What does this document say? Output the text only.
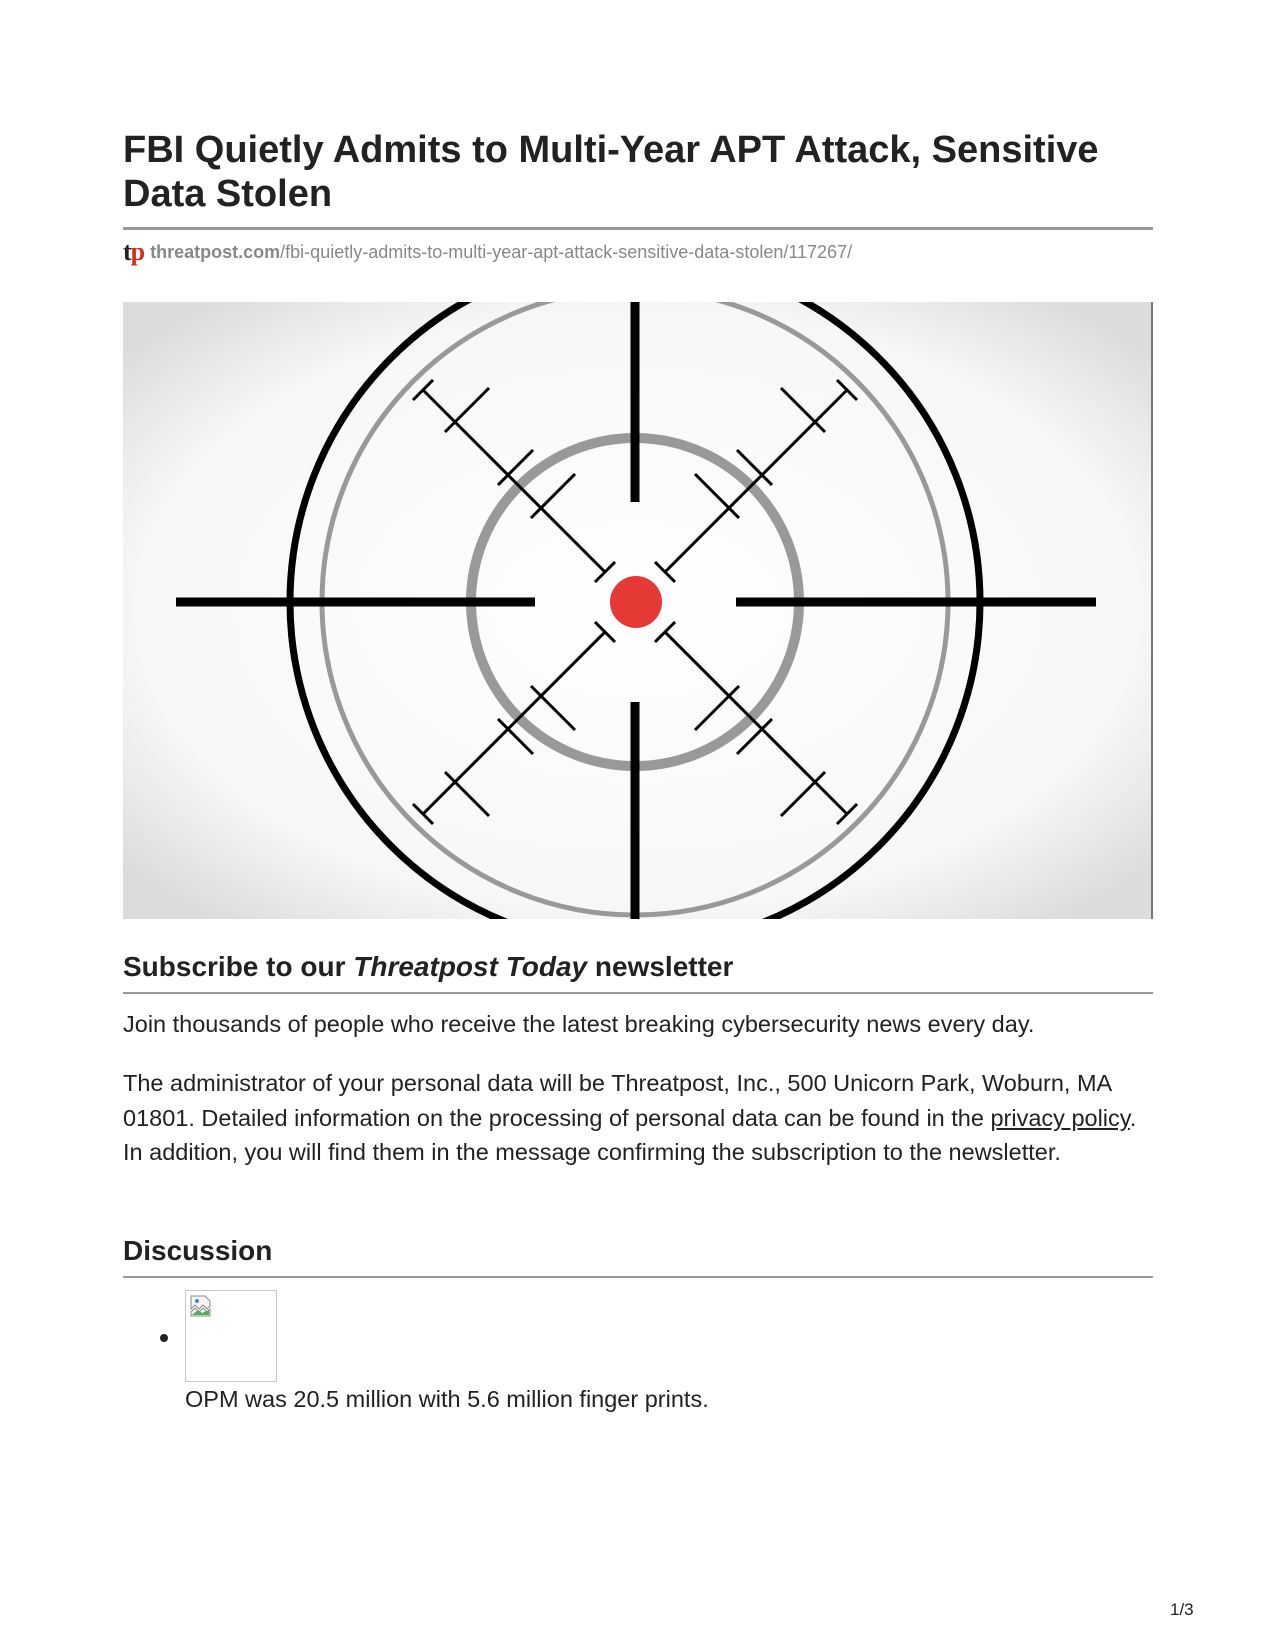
FBI Quietly Admits to Multi-Year APT Attack, Sensitive Data Stolen
tp threatpost.com/fbi-quietly-admits-to-multi-year-apt-attack-sensitive-data-stolen/117267/
Subscribe to our Threatpost Today newsletter

Join thousands of people who receive the latest breaking cybersecurity news every day.

The administrator of your personal data will be Threatpost, Inc., 500 Unicorn Park, Woburn, MA 01801. Detailed information on the processing of personal data can be found in the privacy policy. In addition, you will find them in the message confirming the subscription to the newsletter.

Discussion
OPM was 20.5 million with 5.6 million finger prints.
1/3
